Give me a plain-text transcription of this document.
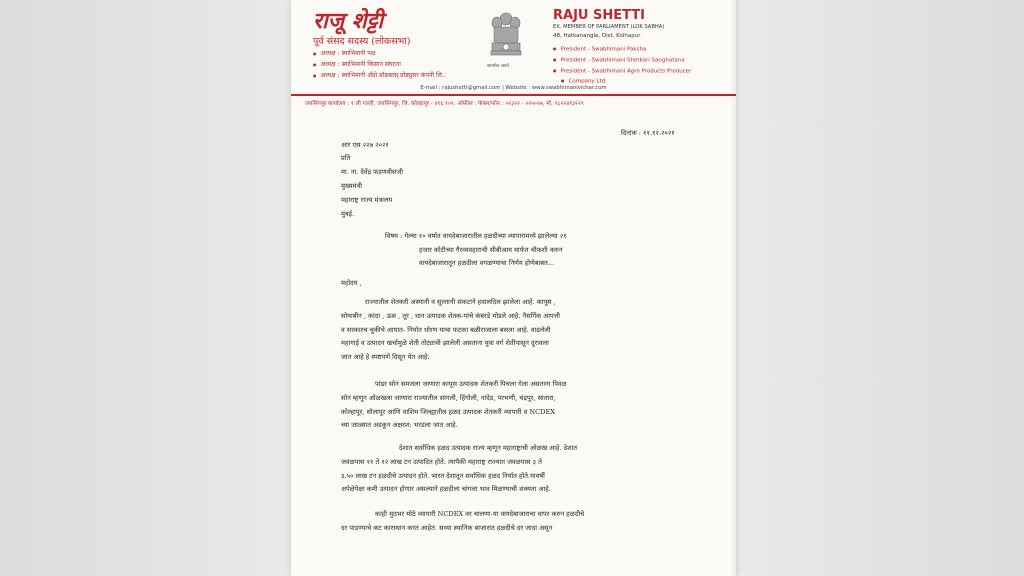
राजू शेट्टी
पूर्व संसद सदस्य (लोकसभा)
● अध्यक्ष : स्वाभिमानी पक्ष
● अध्यक्ष : स्वाभिमानी किसान संघटना
● अध्यक्ष : स्वाभिमानी अँग्रो प्रॉडक्टस् प्रोड्युसर कंपनी लि..
सत्यमेव जयते
RAJU SHETTI
EX. MEMBER OF PARLIAMENT (LOK SABHA)
48, Hatkanangle, Dist. Kolhapur
● President - Swabhimani Paksha
● President - Swabhimani Shetkari Sanghatana
● President - Swabhimani Agro Products Producer
● Company Ltd.
E-mail : rajushetti@gmail.com | Website : www.swabhimanivichar.com
जयसिंगपूर कार्यालय : १ ली गल्ली, जयसिंगपूर, जि. कोल्हापूर - ४१६ १०१. ऑफीस : फॅक्स/फोन : ०२३२२ - २२५०२७, मो. ९८२२४१३२२९
दिनांक : ११.१२.२०२१
आर एस २२७ २०२१
प्रति
मा. ना. देवेंद्र फडणवीसजी
मुख्यमंत्री
महाराष्ट्र राज्य मंत्रालय
मुंबई.
विषय : गेल्या १० वर्षात वायदेबाजारातील हळदीच्या व्यापारामध्ये झालेल्या २१
हजार कोटीच्या गैरव्यवहाराची सीबीआय मार्फत चौकशी करुन
वायदेबाजारातून हळदीला वगळण्याचा निर्णय होणेबाबत...
महोदय ,
राज्यातील शेतकरी अस्मानी व सुल्तानी संकटाने हवालदिल झालेला आहे. कापूस ,
सोयाबीन , कांदा , ऊस , तूर , धान उत्पादक शेतक-यांचे कंबरडे मोडले आहे. नैसर्गिक आपत्ती
व सरकारच चुकीचे आयात- निर्यात धोरण याचा फटका बळीराजाला बसला आहे. वाढलेली
महागाई व उत्पादन खर्चामुळे शेती तोट्याची झालेली असताना युवा वर्ग शेतीपासून दुरावला
जात आहे हे स्पष्टपणे दिसून येत आहे.
पांढर सोनं समजला जाणारा कापूस उत्पादक शेतकरी पिचला गेला असताना पिवळ
सोनं म्हणून ओळखला जाणारा राज्यातील सांगली, हिंगोली, नांदेड, परभणी, चंद्रपूर, सातारा,
कोल्हापूर, सोलापूर आणि वाशिम जिल्ह्यातील हळद उत्पादक शेतकरी व्यापारी व NCDEX
च्या जाळ्यात अडकून अक्षरश: भरडला जात आहे.
देशात सर्वाधिक हळद उत्पादक राज्य म्हणून महाराष्ट्राची ओळख आहे. देशात
जवळपास ११ ते १२ लाख टन उत्पादित होते. त्यापैकी महाराष्ट्र राज्यात जवळपास ३ ते
३.५० लाख टन हळदीचे उत्पादन होते. भारत देशातून सर्वाधिक हळद निर्यात होते.यावर्षी
अपेक्षेपेक्षा कमी उत्पादन होणार असल्याने हळदीला चांगला भाव मिळण्याची शक्यता आहे.
काही मुठभर मोठे व्यापारी NCDEX वर चालणा-या वायदेबाजाराचा वापर करुन हळदीचे
दर पाडण्याचे कट कारस्थान करत आहेत. सध्या स्थानिक बाजारात हळदीचे दर जादा असून
